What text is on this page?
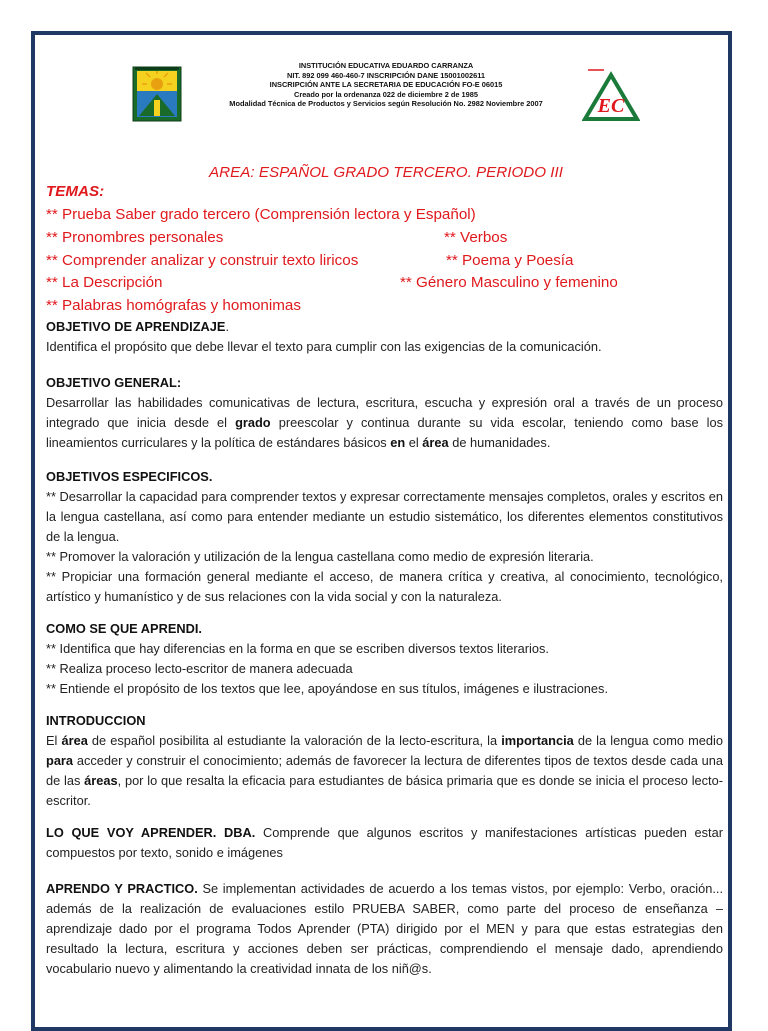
INSTITUCIÓN EDUCATIVA EDUARDO CARRANZA
NIT. 892 099 460-460-7 INSCRIPCIÓN DANE 15001002611
INSCRIPCIÓN ANTE LA SECRETARIA DE EDUCACIÓN FO-E 06015
Creado por la ordenanza 022 de diciembre 2 de 1985
Modalidad Técnica de Productos y Servicios según Resolución No. 2982 Noviembre 2007	EC
AREA: ESPAÑOL GRADO TERCERO. PERIODO III
TEMAS:
** Prueba Saber grado tercero (Comprensión lectora y Español)
** Pronombres personales	** Verbos
** Comprender analizar y construir texto liricos	** Poema y Poesía
** La Descripción	** Género Masculino y femenino
** Palabras homógrafas y homonimas

OBJETIVO DE APRENDIZAJE.

Identifica el propósito que debe llevar el texto para cumplir con las exigencias de la comunicación.

OBJETIVO GENERAL:

Desarrollar las habilidades comunicativas de lectura, escritura, escucha y expresión oral a través de un proceso integrado que inicia desde el grado preescolar y continua durante su vida escolar, teniendo como base los lineamientos curriculares y la política de estándares básicos en el área de humanidades.

OBJETIVOS ESPECIFICOS.

** Desarrollar la capacidad para comprender textos y expresar correctamente mensajes completos, orales y escritos en la lengua castellana, así como para entender mediante un estudio sistemático, los diferentes elementos constitutivos de la lengua.

** Promover la valoración y utilización de la lengua castellana como medio de expresión literaria.

** Propiciar una formación general mediante el acceso, de manera crítica y creativa, al conocimiento, tecnológico, artístico y humanístico y de sus relaciones con la vida social y con la naturaleza.

COMO SE QUE APRENDI.

** Identifica que hay diferencias en la forma en que se escriben diversos textos literarios.

** Realiza proceso lecto-escritor de manera adecuada

** Entiende el propósito de los textos que lee, apoyándose en sus títulos, imágenes e ilustraciones.

INTRODUCCION

El área de español posibilita al estudiante la valoración de la lecto-escritura, la importancia de la lengua como medio para acceder y construir el conocimiento; además de favorecer la lectura de diferentes tipos de textos desde cada una de las áreas, por lo que resalta la eficacia para estudiantes de básica primaria que es donde se inicia el proceso lecto-escritor.

LO QUE VOY APRENDER. DBA. Comprende que algunos escritos y manifestaciones artísticas pueden estar compuestos por texto, sonido e imágenes

APRENDO Y PRACTICO. Se implementan actividades de acuerdo a los temas vistos, por ejemplo: Verbo, oración... además de la realización de evaluaciones estilo PRUEBA SABER, como parte del proceso de enseñanza – aprendizaje dado por el programa Todos Aprender (PTA) dirigido por el MEN y para que estas estrategias den resultado la lectura, escritura y acciones deben ser prácticas, comprendiendo el mensaje dado, aprendiendo vocabulario nuevo y alimentando la creatividad innata de los niñ@s.
